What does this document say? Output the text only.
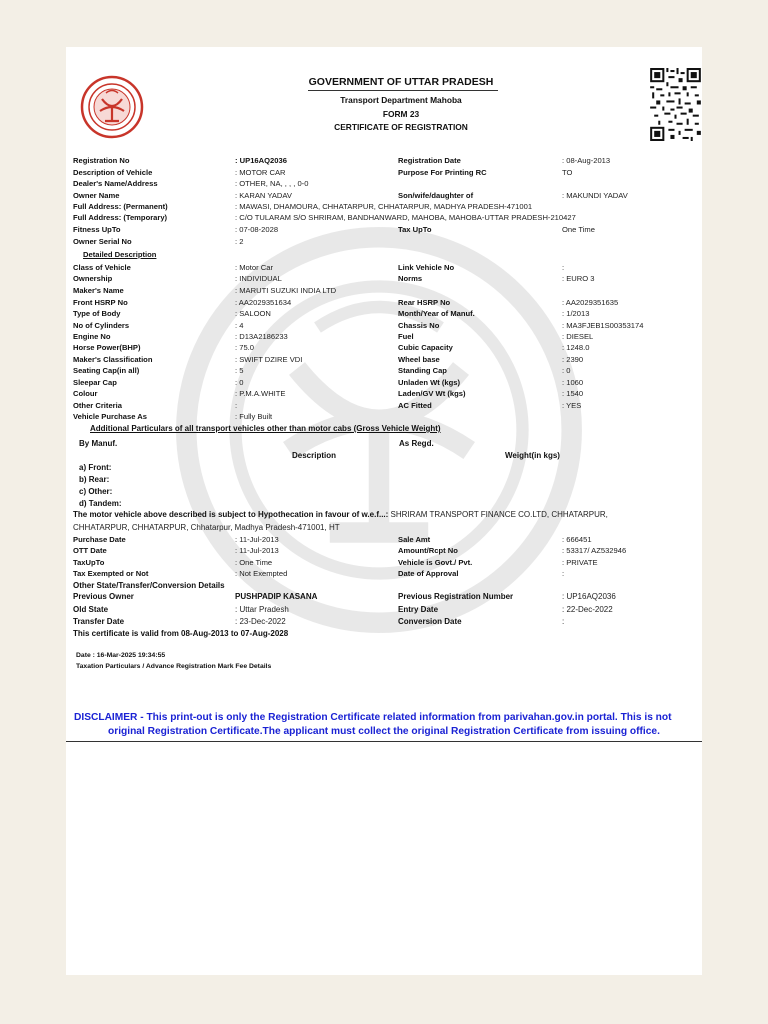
GOVERNMENT OF UTTAR PRADESH
Transport Department Mahoba
FORM 23
CERTIFICATE OF REGISTRATION
Registration No	: UP16AQ2036	Registration Date	: 08-Aug-2013
Description of Vehicle	: MOTOR CAR	Purpose For Printing RC	TO
Dealer's Name/Address	: OTHER, NA, , , , 0-0
Owner Name	: KARAN YADAV	Son/wife/daughter of	: MAKUNDI YADAV
Full Address: (Permanent)	: MAWASI, DHAMOURA, CHHATARPUR, CHHATARPUR, MADHYA PRADESH-471001
Full Address: (Temporary)	: C/O TULARAM S/O SHRIRAM, BANDHANWARD, MAHOBA, MAHOBA-UTTAR PRADESH-210427
Fitness UpTo	: 07-08-2028	Tax UpTo	One Time
Owner Serial No	: 2
Detailed Description
Class of Vehicle	: Motor Car	Link Vehicle No	:
Ownership	: INDIVIDUAL	Norms	: EURO 3
Maker's Name	: MARUTI SUZUKI INDIA LTD
Front HSRP No	: AA2029351634	Rear HSRP No	: AA2029351635
Type of Body	: SALOON	Month/Year of Manuf.	: 1/2013
No of Cylinders	: 4	Chassis No	: MA3FJEB1S00353174
Engine No	: D13A2186233	Fuel	: DIESEL
Horse Power(BHP)	: 75.0	Cubic Capacity	: 1248.0
Maker's Classification	: SWIFT DZIRE VDI	Wheel base	: 2390
Seating Cap(in all)	: 5	Standing Cap	: 0
Sleepar Cap	: 0	Unladen Wt (kgs)	: 1060
Colour	: P.M.A.WHITE	Laden/GV Wt (kgs)	: 1540
Other Criteria	:	AC Fitted	: YES
Vehicle Purchase As	: Fully Built
Additional Particulars of all transport vehicles other than motor cabs (Gross Vehicle Weight)
By Manuf.	As Regd.
Description	Weight(in kgs)
a) Front:
b) Rear:
c) Other:
d) Tandem:
The motor vehicle above described is subject to Hypothecation in favour of w.e.f...: SHRIRAM TRANSPORT FINANCE CO.LTD, CHHATARPUR,
CHHATARPUR, CHHATARPUR, Chhatarpur, Madhya Pradesh-471001, HT
Purchase Date	: 11-Jul-2013	Sale Amt	: 666451
OTT Date	: 11-Jul-2013	Amount/Rcpt No	: 53317/ AZ532946
TaxUpTo	: One Time	Vehicle is Govt./ Pvt.	: PRIVATE
Tax Exempted or Not	: Not Exempted	Date of Approval	:
Other State/Transfer/Conversion Details
Previous Owner	PUSHPADIP KASANA	Previous Registration Number	: UP16AQ2036
Old State	: Uttar Pradesh	Entry Date	: 22-Dec-2022
Transfer Date	: 23-Dec-2022	Conversion Date	:
This certificate is valid from 08-Aug-2013 to 07-Aug-2028
Date : 16-Mar-2025 19:34:55
Taxation Particulars / Advance Registration Mark Fee Details
DISCLAIMER - This print-out is only the Registration Certificate related information from parivahan.gov.in portal. This is not
original Registration Certificate.The applicant must collect the original Registration Certificate from issuing office.
